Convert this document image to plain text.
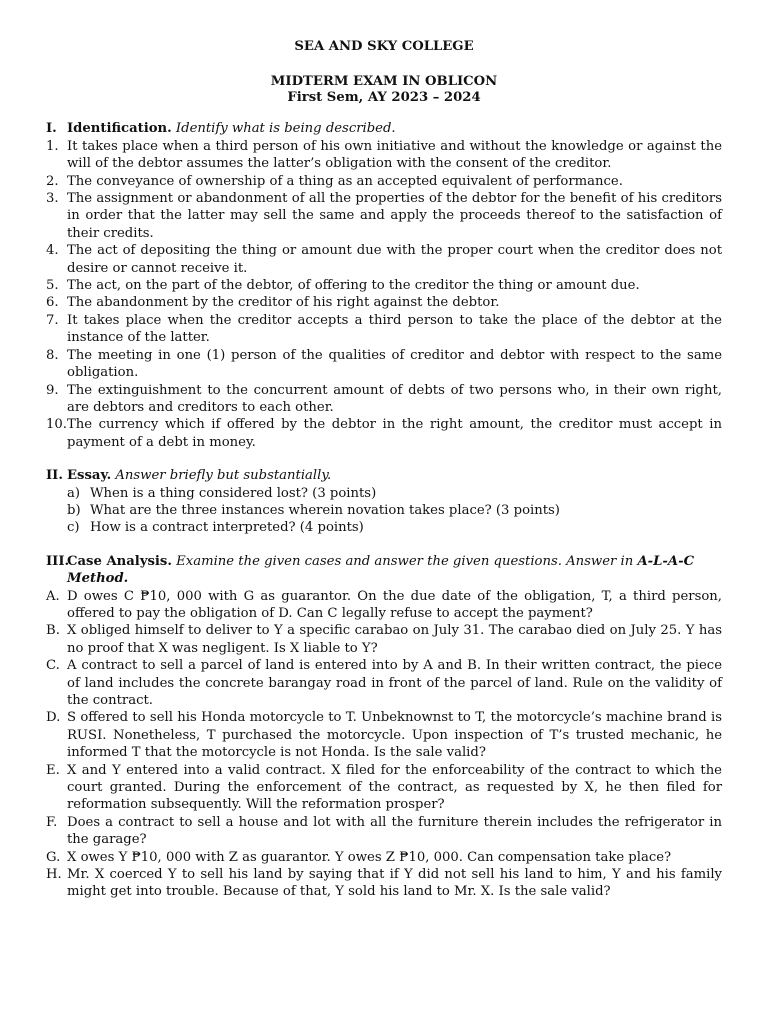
SEA AND SKY COLLEGE
MIDTERM EXAM IN OBLICON
First Sem, AY 2023 – 2024
I. Identification. Identify what is being described.
1. It takes place when a third person of his own initiative and without the knowledge or against the will of the debtor assumes the latter’s obligation with the consent of the creditor.
2. The conveyance of ownership of a thing as an accepted equivalent of performance.
3. The assignment or abandonment of all the properties of the debtor for the benefit of his creditors in order that the latter may sell the same and apply the proceeds thereof to the satisfaction of their credits.
4. The act of depositing the thing or amount due with the proper court when the creditor does not desire or cannot receive it.
5. The act, on the part of the debtor, of offering to the creditor the thing or amount due.
6. The abandonment by the creditor of his right against the debtor.
7. It takes place when the creditor accepts a third person to take the place of the debtor at the instance of the latter.
8. The meeting in one (1) person of the qualities of creditor and debtor with respect to the same obligation.
9. The extinguishment to the concurrent amount of debts of two persons who, in their own right, are debtors and creditors to each other.
10. The currency which if offered by the debtor in the right amount, the creditor must accept in payment of a debt in money.
II. Essay. Answer briefly but substantially.
a) When is a thing considered lost? (3 points)
b) What are the three instances wherein novation takes place? (3 points)
c) How is a contract interpreted? (4 points)
III.
Case Analysis. Examine the given cases and answer the given questions. Answer in A-L-A-C Method.
A. D owes C ₱10, 000 with G as guarantor. On the due date of the obligation, T, a third person, offered to pay the obligation of D. Can C legally refuse to accept the payment?
B. X obliged himself to deliver to Y a specific carabao on July 31. The carabao died on July 25. Y has no proof that X was negligent. Is X liable to Y?
C. A contract to sell a parcel of land is entered into by A and B. In their written contract, the piece of land includes the concrete barangay road in front of the parcel of land. Rule on the validity of the contract.
D. S offered to sell his Honda motorcycle to T. Unbeknownst to T, the motorcycle’s machine brand is RUSI. Nonetheless, T purchased the motorcycle. Upon inspection of T’s trusted mechanic, he informed T that the motorcycle is not Honda. Is the sale valid?
E. X and Y entered into a valid contract. X filed for the enforceability of the contract to which the court granted. During the enforcement of the contract, as requested by X, he then filed for reformation subsequently. Will the reformation prosper?
F. Does a contract to sell a house and lot with all the furniture therein includes the refrigerator in the garage?
G. X owes Y ₱10, 000 with Z as guarantor. Y owes Z ₱10, 000. Can compensation take place?
H. Mr. X coerced Y to sell his land by saying that if Y did not sell his land to him, Y and his family might get into trouble. Because of that, Y sold his land to Mr. X. Is the sale valid?
